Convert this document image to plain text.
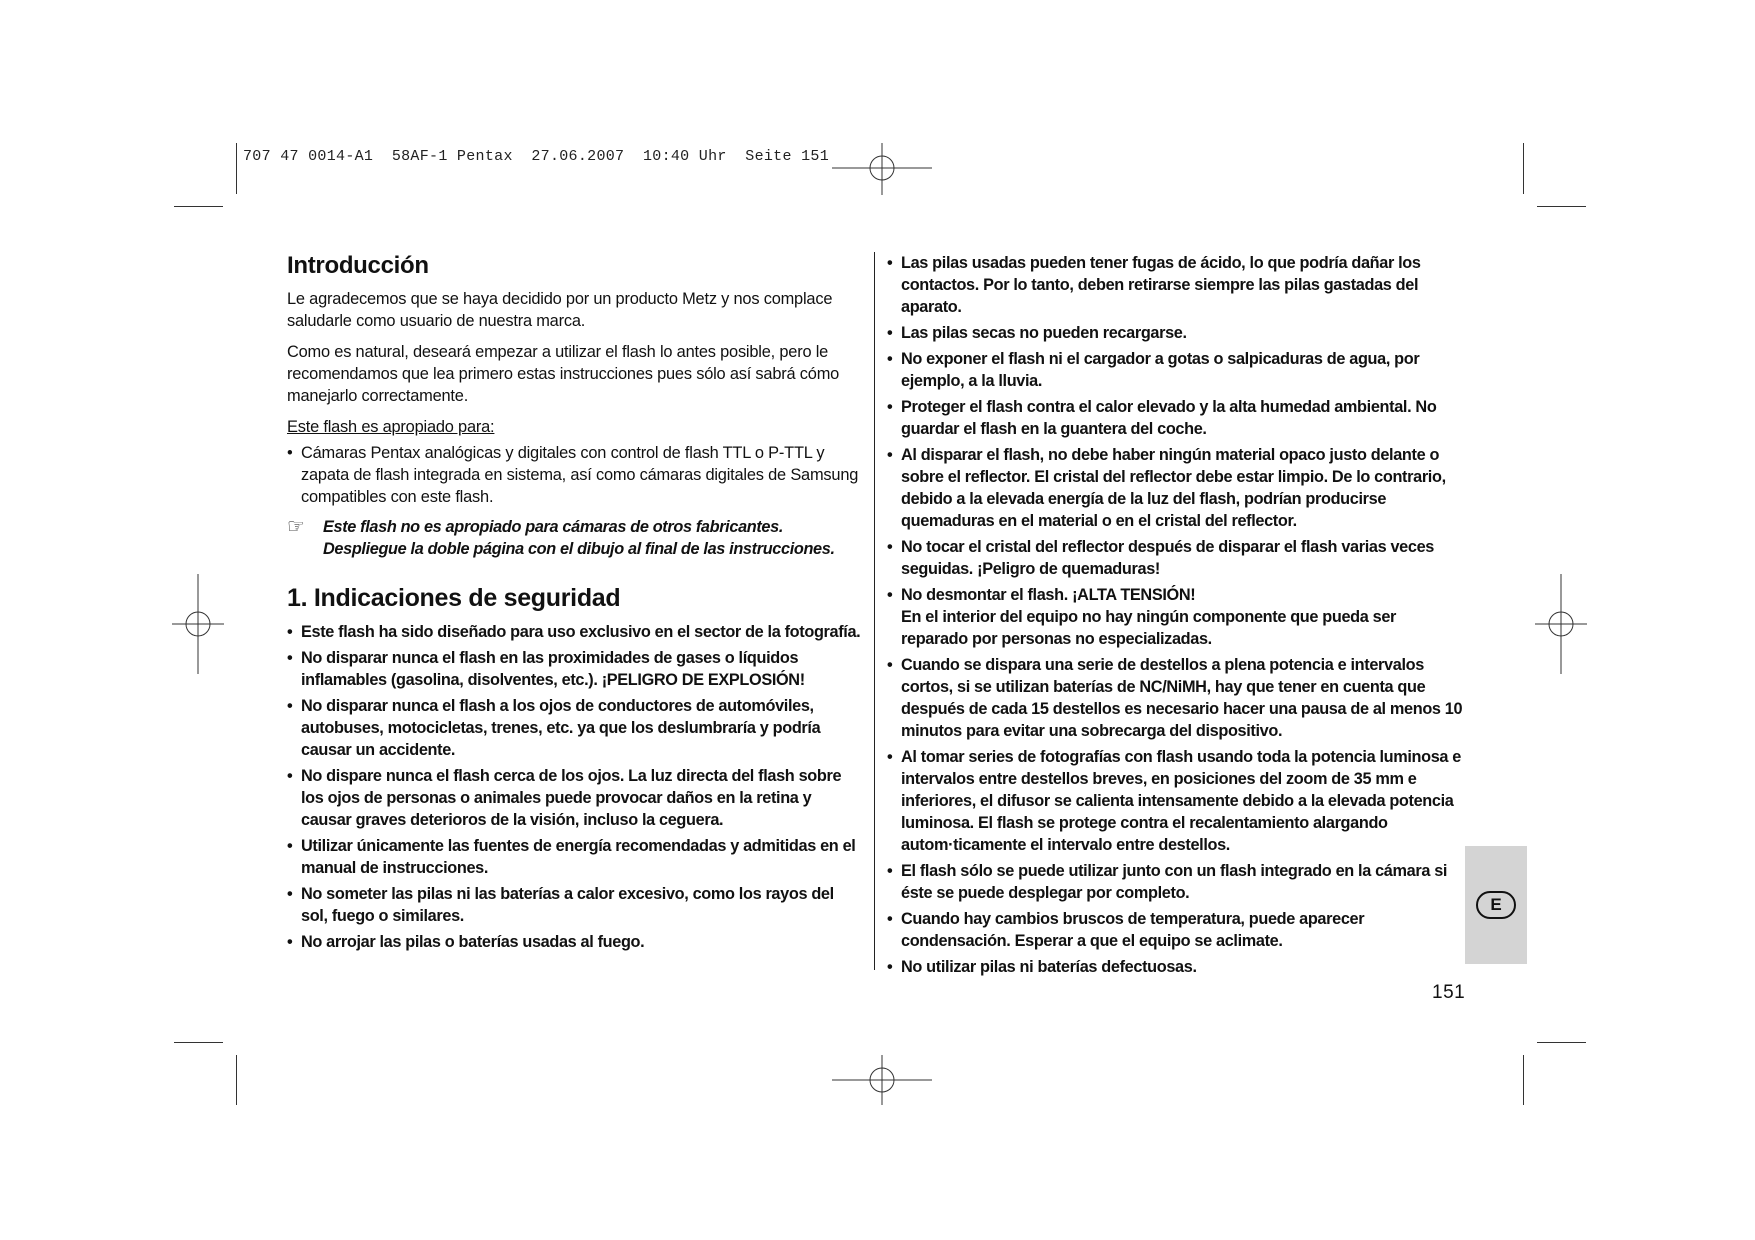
707 47 0014-A1  58AF-1 Pentax  27.06.2007  10:40 Uhr  Seite 151
Introducción

Le agradecemos que se haya decidido por un producto Metz y nos complace saludarle como usuario de nuestra marca.

Como es natural, deseará empezar a utilizar el flash lo antes posible, pero le recomendamos que lea primero estas instrucciones pues sólo así sabrá cómo manejarlo correctamente.

Este flash es apropiado para:

• Cámaras Pentax analógicas y digitales con control de flash TTL o P-TTL y zapata de flash integrada en sistema, así como cámaras digitales de Samsung compatibles con este flash.
☞ Este flash no es apropiado para cámaras de otros fabricantes.
Despliegue la doble página con el dibujo al final de las instrucciones.
1. Indicaciones de seguridad
• Este flash ha sido diseñado para uso exclusivo en el sector de la fotografía.
• No disparar nunca el flash en las proximidades de gases o líquidos inflamables (gasolina, disolventes, etc.). ¡PELIGRO DE EXPLOSIÓN!
• No disparar nunca el flash a los ojos de conductores de automóviles, autobuses, motocicletas, trenes, etc. ya que los deslumbraría y podría causar un accidente.
• No dispare nunca el flash cerca de los ojos. La luz directa del flash sobre los ojos de personas o animales puede provocar daños en la retina y causar graves deterioros de la visión, incluso la ceguera.
• Utilizar únicamente las fuentes de energía recomendadas y admitidas en el manual de instrucciones.
• No someter las pilas ni las baterías a calor excesivo, como los rayos del sol, fuego o similares.
• No arrojar las pilas o baterías usadas al fuego.
• Las pilas usadas pueden tener fugas de ácido, lo que podría dañar los contactos. Por lo tanto, deben retirarse siempre las pilas gastadas del aparato.
• Las pilas secas no pueden recargarse.
• No exponer el flash ni el cargador a gotas o salpicaduras de agua, por ejemplo, a la lluvia.
• Proteger el flash contra el calor elevado y la alta humedad ambiental. No guardar el flash en la guantera del coche.
• Al disparar el flash, no debe haber ningún material opaco justo delante o sobre el reflector. El cristal del reflector debe estar limpio. De lo contrario, debido a la elevada energía de la luz del flash, podrían producirse quemaduras en el material o en el cristal del reflector.
• No tocar el cristal del reflector después de disparar el flash varias veces seguidas. ¡Peligro de quemaduras!
• No desmontar el flash. ¡ALTA TENSIÓN!
En el interior del equipo no hay ningún componente que pueda ser reparado por personas no especializadas.
• Cuando se dispara una serie de destellos a plena potencia e intervalos cortos, si se utilizan baterías de NC/NiMH, hay que tener en cuenta que después de cada 15 destellos es necesario hacer una pausa de al menos 10 minutos para evitar una sobrecarga del dispositivo.
• Al tomar series de fotografías con flash usando toda la potencia luminosa e intervalos entre destellos breves, en posiciones del zoom de 35 mm e inferiores, el difusor se calienta intensamente debido a la elevada potencia luminosa. El flash se protege contra el recalentamiento alargando autom·ticamente el intervalo entre destellos.
• El flash sólo se puede utilizar junto con un flash integrado en la cámara si éste se puede desplegar por completo.
• Cuando hay cambios bruscos de temperatura, puede aparecer condensación. Esperar a que el equipo se aclimate.
• No utilizar pilas ni baterías defectuosas.
E
151
